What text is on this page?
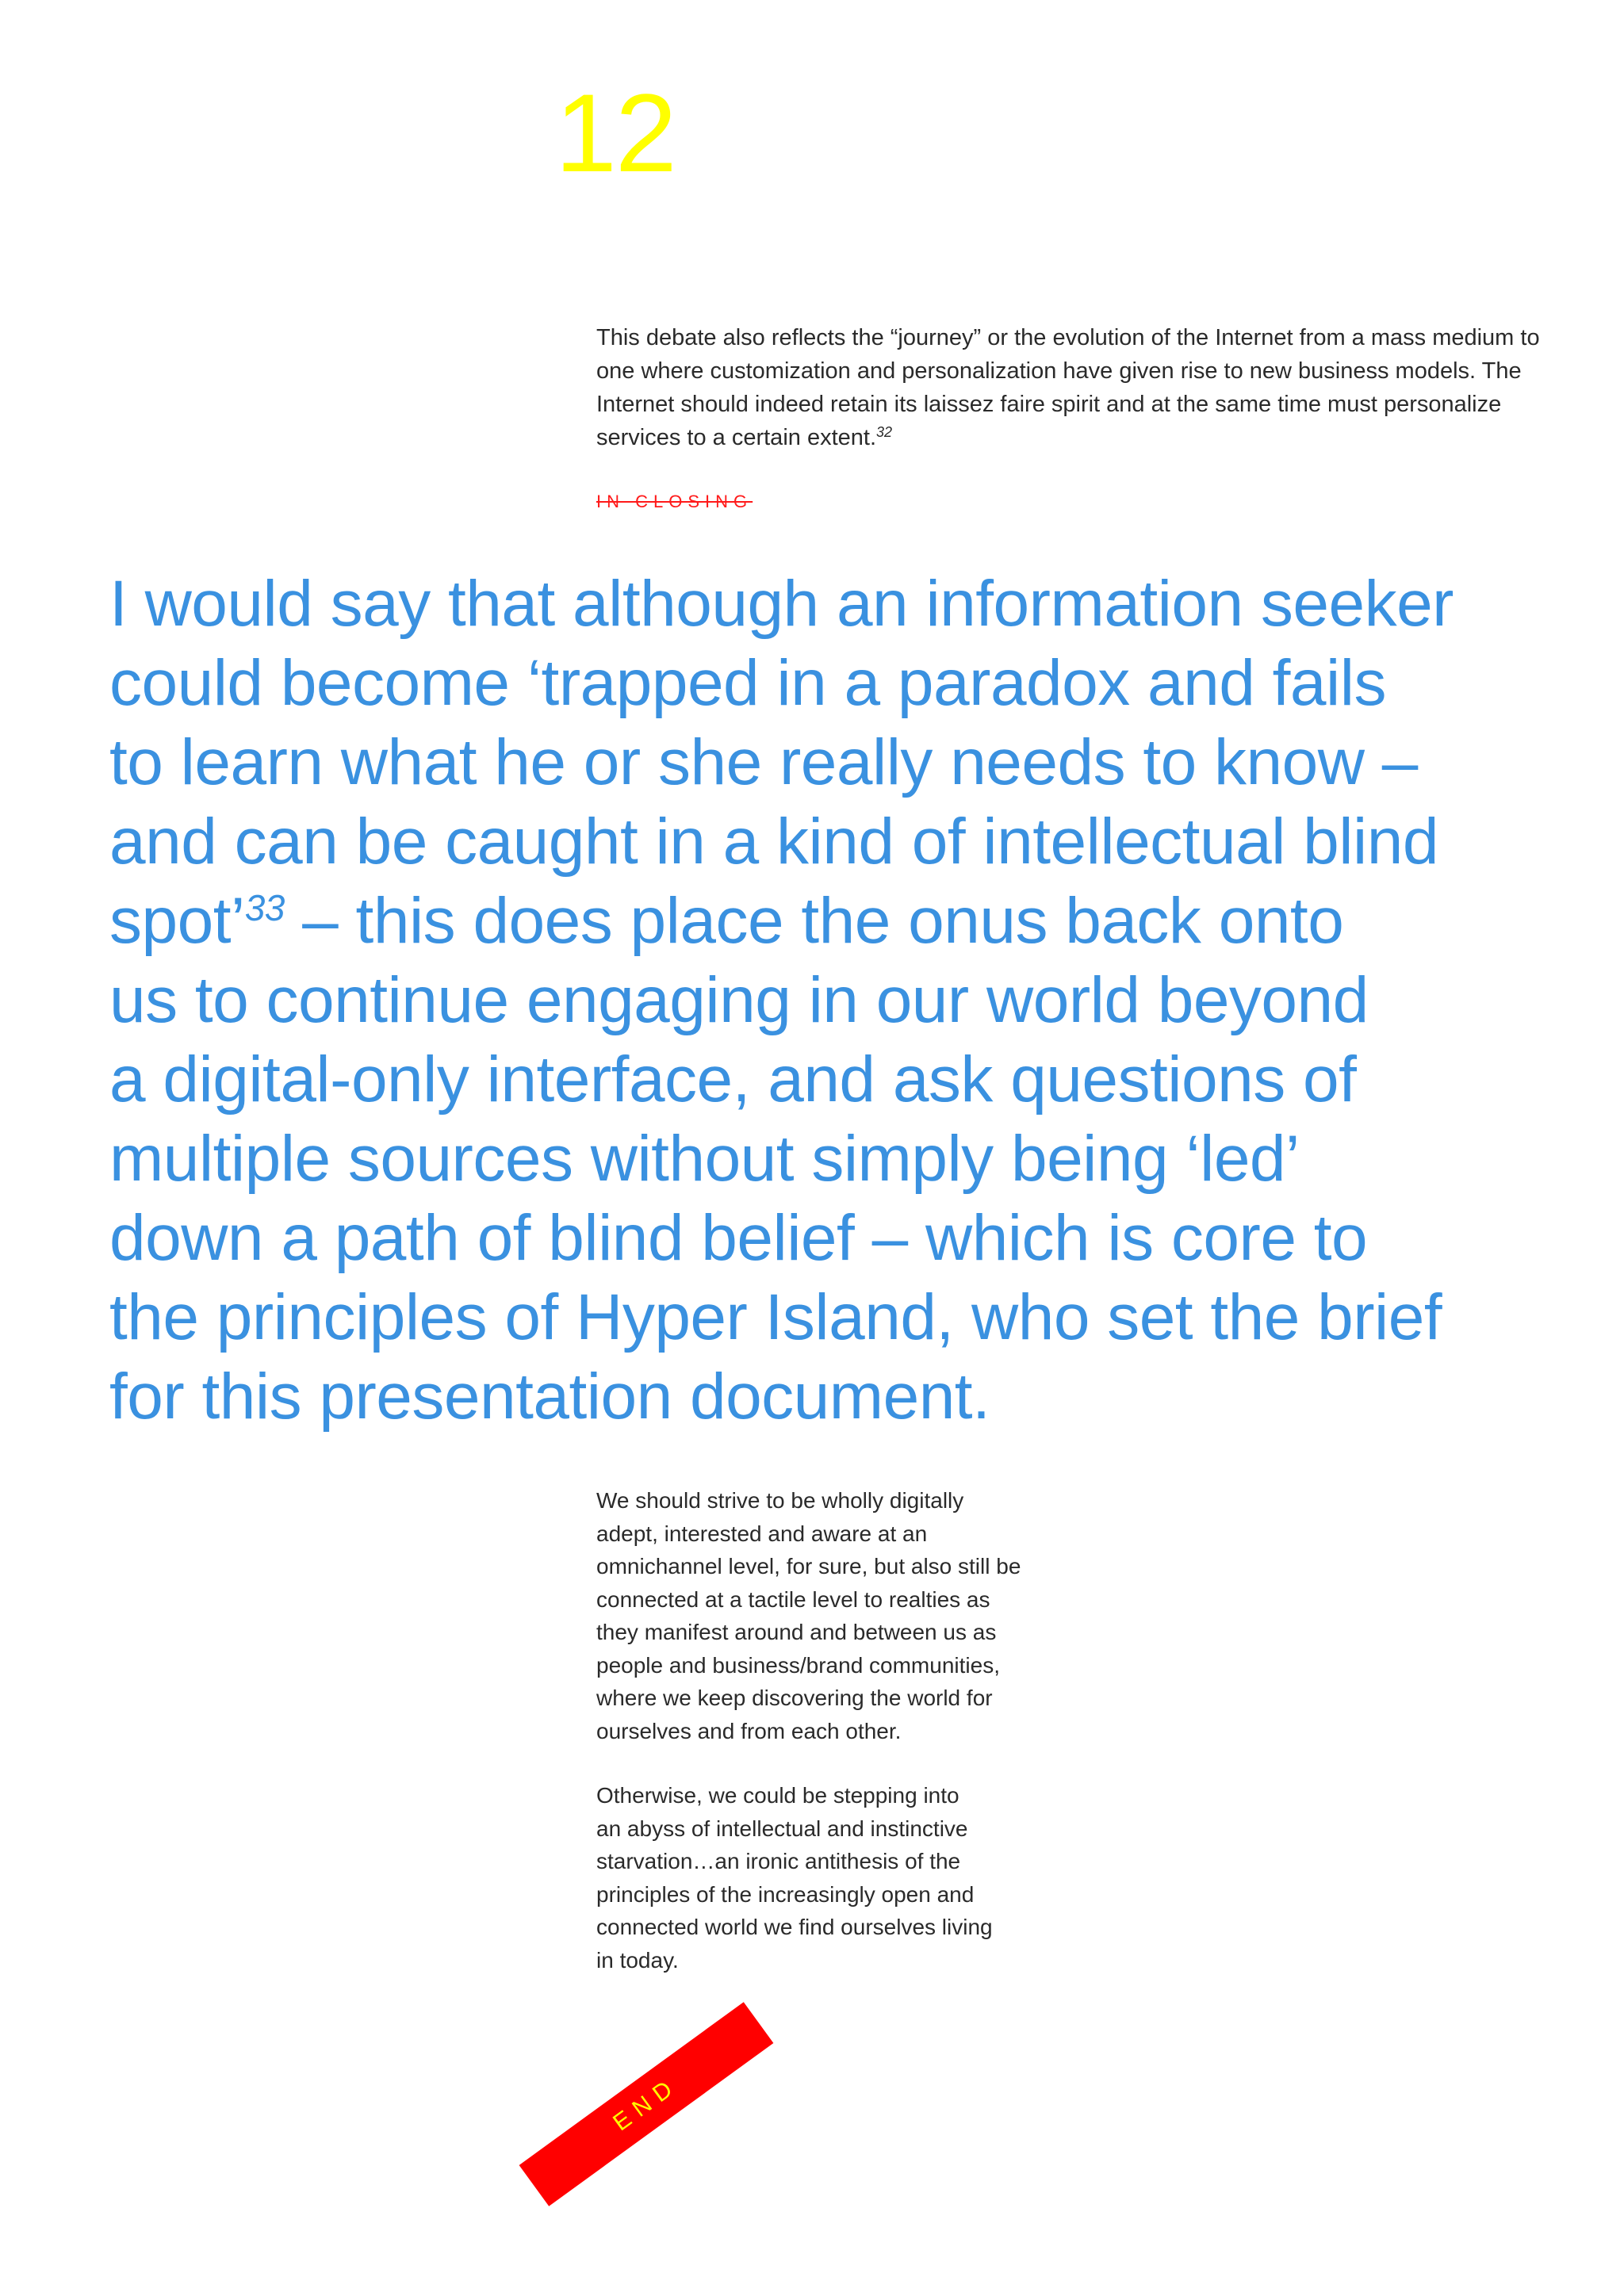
12

This debate also reflects the “journey” or the evolution of the Internet from a mass medium to one where customization and personalization have given rise to new business models. The Internet should indeed retain its laissez faire spirit and at the same time must personalize services to a certain extent.$^{32}$

IN CLOSING
I would say that although an information seeker
could become ‘trapped in a paradox and fails
to learn what he or she really needs to know –
and can be caught in a kind of intellectual blind
spot’$^{33}$ – this does place the onus back onto
us to continue engaging in our world beyond
a digital-only interface, and ask questions of
multiple sources without simply being ‘led’
down a path of blind belief – which is core to
the principles of Hyper Island, who set the brief
for this presentation document.
We should strive to be wholly digitally
adept, interested and aware at an
omnichannel level, for sure, but also still be
connected at a tactile level to realties as
they manifest around and between us as
people and business/brand communities,
where we keep discovering the world for
ourselves and from each other.
Otherwise, we could be stepping into
an abyss of intellectual and instinctive
starvation…an ironic antithesis of the
principles of the increasingly open and
connected world we find ourselves living
in today.
END
